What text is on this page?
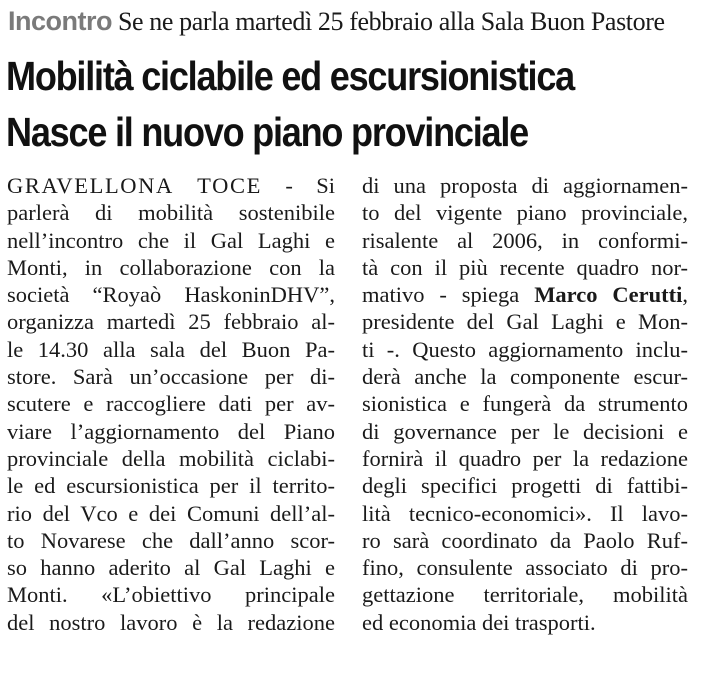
Incontro Se ne parla martedì 25 febbraio alla Sala Buon Pastore
Mobilità ciclabile ed escursionistica
Nasce il nuovo piano provinciale
GRAVELLONA TOCE - Si
parlerà di mobilità sostenibile
nell’incontro che il Gal Laghi e
Monti, in collaborazione con la
società “Royaò HaskoninDHV”,
organizza martedì 25 febbraio al-
le 14.30 alla sala del Buon Pa-
store. Sarà un’occasione per di-
scutere e raccogliere dati per av-
viare l’aggiornamento del Piano
provinciale della mobilità ciclabi-
le ed escursionistica per il territo-
rio del Vco e dei Comuni dell’al-
to Novarese che dall’anno scor-
so hanno aderito al Gal Laghi e
Monti. «L’obiettivo principale
del nostro lavoro è la redazione
di una proposta di aggiornamen-
to del vigente piano provinciale,
risalente al 2006, in conformi-
tà con il più recente quadro nor-
mativo - spiega Marco Cerutti,
presidente del Gal Laghi e Mon-
ti -. Questo aggiornamento inclu-
derà anche la componente escur-
sionistica e fungerà da strumento
di governance per le decisioni e
fornirà il quadro per la redazione
degli specifici progetti di fattibi-
lità tecnico-economici». Il lavo-
ro sarà coordinato da Paolo Ruf-
fino, consulente associato di pro-
gettazione territoriale, mobilità
ed economia dei trasporti.
